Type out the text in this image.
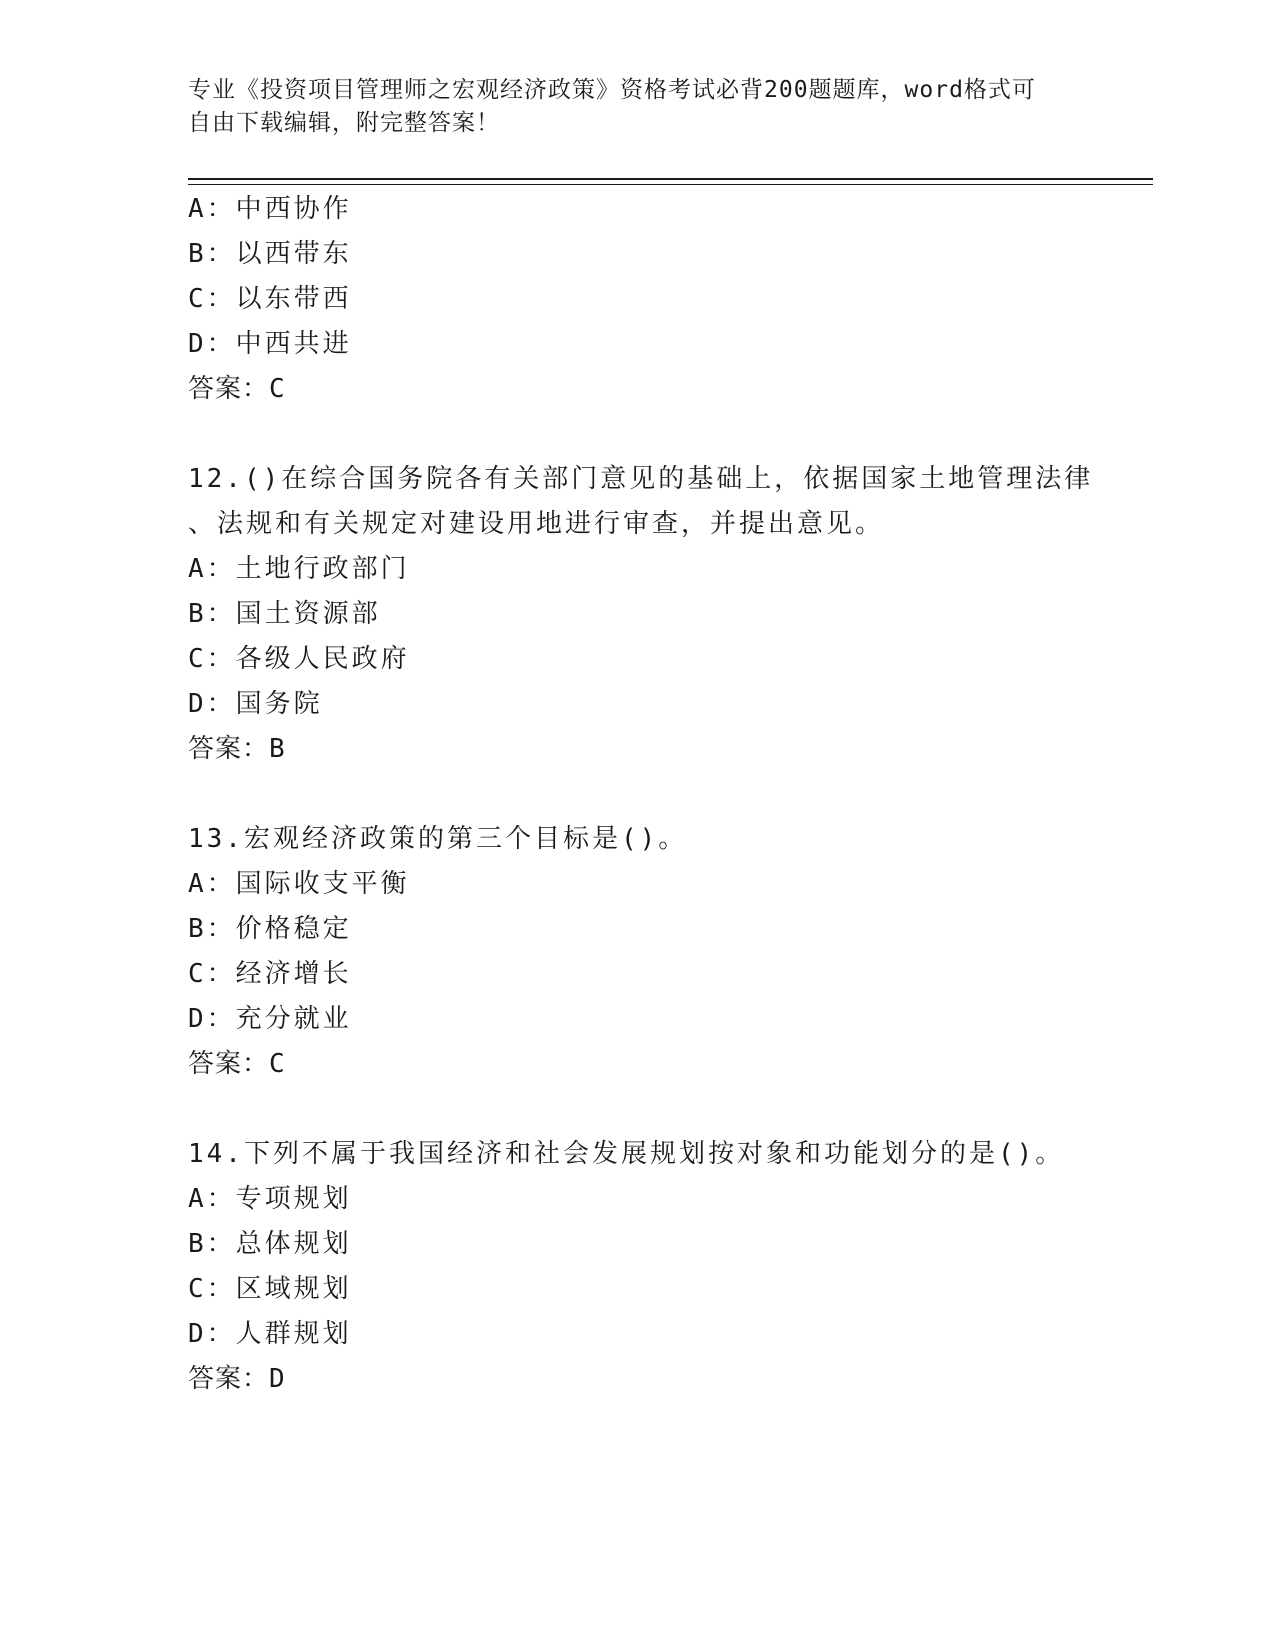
专业《投资项目管理师之宏观经济政策》资格考试必背200题题库，word格式可
自由下载编辑，附完整答案！
A：中西协作
B：以西带东
C：以东带西
D：中西共进
答案：C
12.()在综合国务院各有关部门意见的基础上，依据国家土地管理法律
、法规和有关规定对建设用地进行审查，并提出意见。
A：土地行政部门
B：国土资源部
C：各级人民政府
D：国务院
答案：B
13.宏观经济政策的第三个目标是()。
A：国际收支平衡
B：价格稳定
C：经济增长
D：充分就业
答案：C
14.下列不属于我国经济和社会发展规划按对象和功能划分的是()。
A：专项规划
B：总体规划
C：区域规划
D：人群规划
答案：D
